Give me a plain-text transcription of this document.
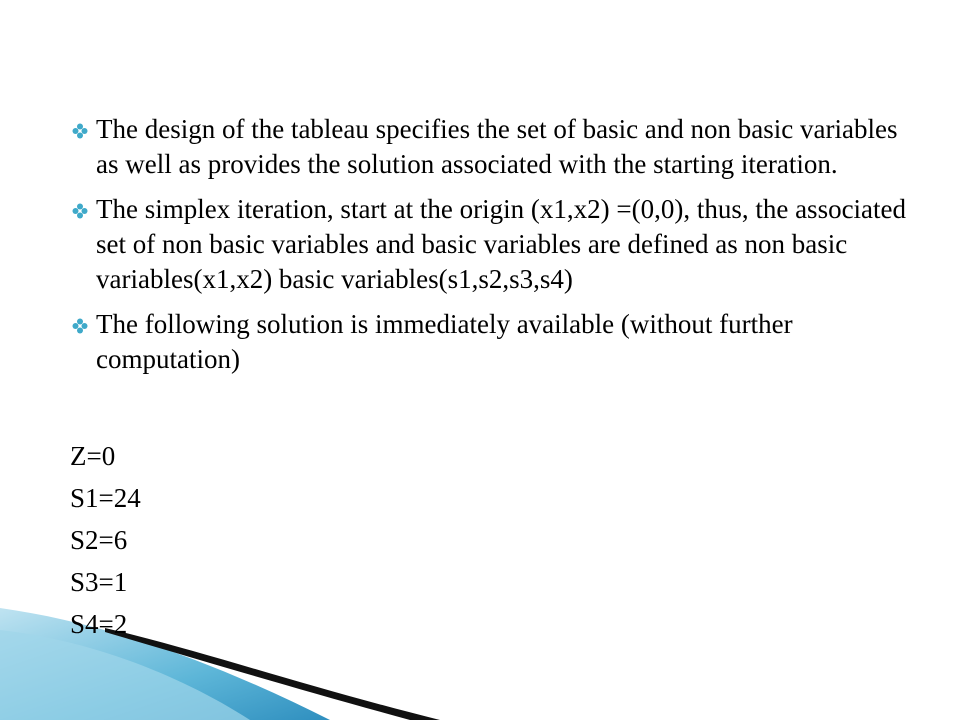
The design of the tableau specifies the set of basic and non basic variables as well as provides the solution associated with the starting iteration.
The simplex iteration, start at the origin (x1,x2) =(0,0), thus, the associated set of non basic variables and basic variables are defined as non basic variables(x1,x2) basic variables(s1,s2,s3,s4)
The following solution is immediately available (without further computation)
Z=0
S1=24
S2=6
S3=1
S4=2
